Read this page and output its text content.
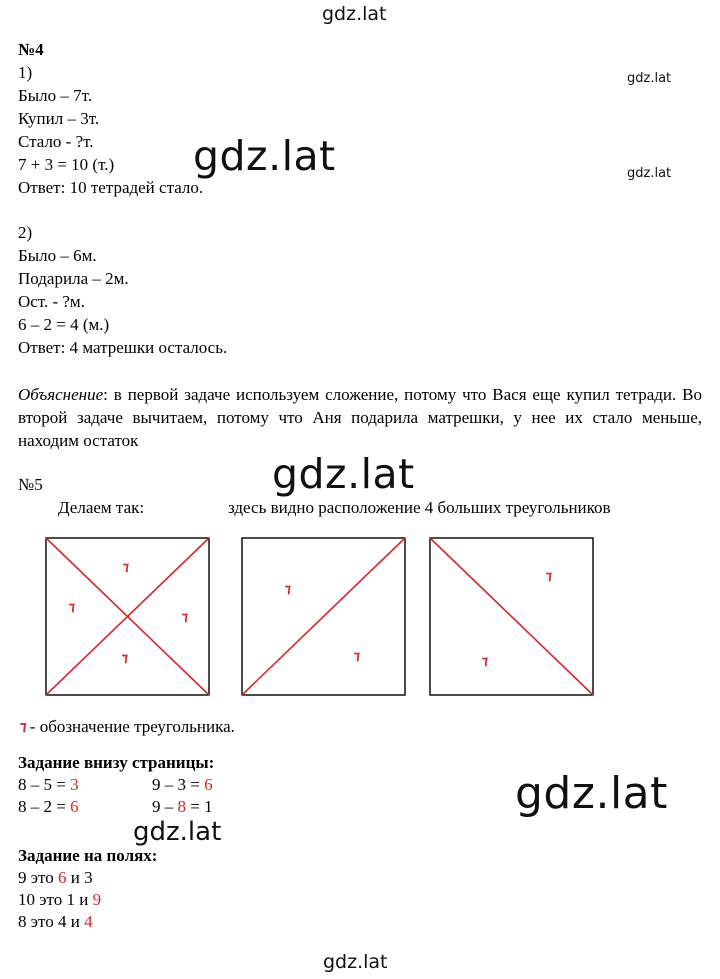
gdz.lat
gdz.lat
gdz.lat
gdz.lat
gdz.lat
gdz.lat
gdz.lat
gdz.lat
№4
1)
Было – 7т.
Купил – 3т.
Стало - ?т.
7 + 3 = 10 (т.)
Ответ: 10 тетрадей стало.
2)
Было – 6м.
Подарила – 2м.
Ост. - ?м.
6 – 2 = 4 (м.)
Ответ: 4 матрешки осталось.
Объяснение: в первой задаче используем сложение, потому что Вася еще купил тетради. Во второй задаче вычитаем, потому что Аня подарила матрешки, у нее их стало меньше, находим остаток
№5
Делаем так:	здесь видно расположение 4 больших треугольников
٦
٦
٦
٦
٦
٦
٦
٦
٦ - обозначение треугольника.
Задание внизу страницы:
8 – 5 = 3	9 – 3 = 6
8 – 2 = 6	9 – 8 = 1
Задание на полях:
9 это 6 и 3
10 это 1 и 9
8 это 4 и 4
